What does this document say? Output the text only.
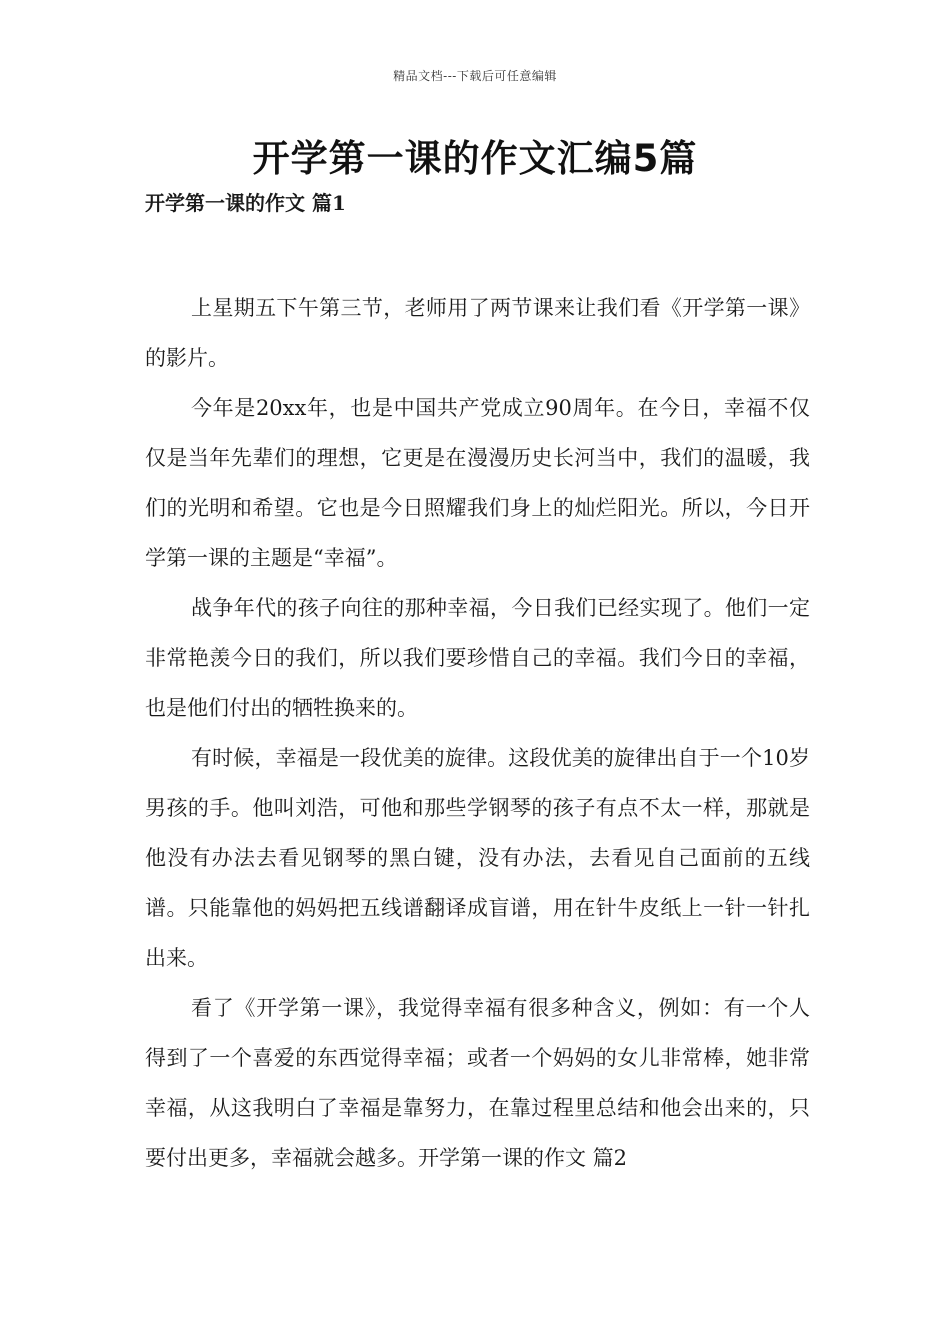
精品文档---下载后可任意编辑
开学第一课的作文汇编5篇
开学第一课的作文 篇1

上星期五下午第三节，老师用了两节课来让我们看《开学第一课》的影片。

今年是20xx年，也是中国共产党成立90周年。在今日，幸福不仅仅是当年先辈们的理想，它更是在漫漫历史长河当中，我们的温暖，我们的光明和希望。它也是今日照耀我们身上的灿烂阳光。所以，今日开学第一课的主题是“幸福”。

战争年代的孩子向往的那种幸福，今日我们已经实现了。他们一定非常艳羡今日的我们，所以我们要珍惜自己的幸福。我们今日的幸福，也是他们付出的牺牲换来的。

有时候，幸福是一段优美的旋律。这段优美的旋律出自于一个10岁男孩的手。他叫刘浩，可他和那些学钢琴的孩子有点不太一样，那就是他没有办法去看见钢琴的黑白键，没有办法，去看见自己面前的五线谱。只能靠他的妈妈把五线谱翻译成盲谱，用在针牛皮纸上一针一针扎出来。

看了《开学第一课》，我觉得幸福有很多种含义，例如：有一个人得到了一个喜爱的东西觉得幸福；或者一个妈妈的女儿非常棒，她非常幸福，从这我明白了幸福是靠努力，在靠过程里总结和他会出来的，只要付出更多，幸福就会越多。开学第一课的作文 篇2
